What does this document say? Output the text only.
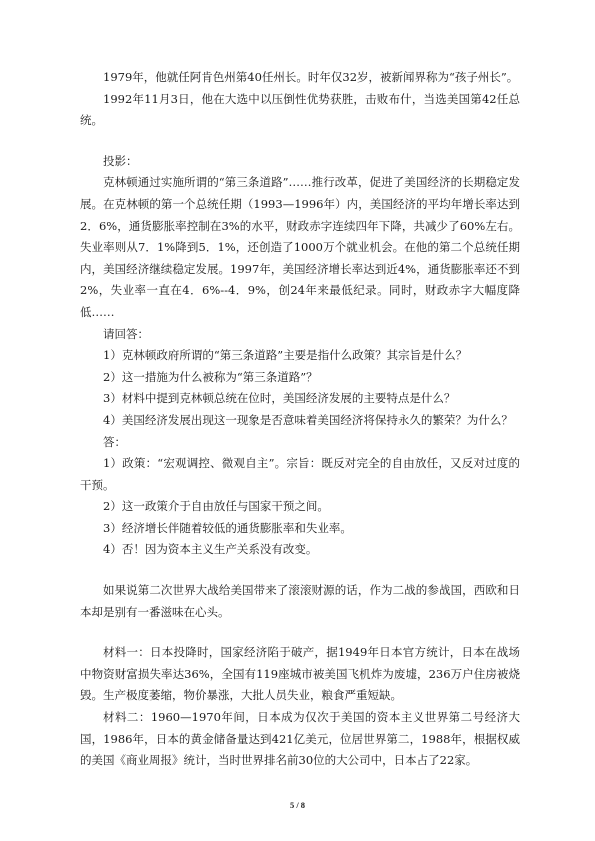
1979年，他就任阿肯色州第40任州长。时年仅32岁，被新闻界称为“孩子州长”。

1992年11月3日，他在大选中以压倒性优势获胜，击败布什，当选美国第42任总统。

投影：

克林顿通过实施所谓的“第三条道路”……推行改革，促进了美国经济的长期稳定发展。在克林顿的第一个总统任期（1993—1996年）内，美国经济的平均年增长率达到2．6%，通货膨胀率控制在3%的水平，财政赤字连续四年下降，共减少了60%左右。失业率则从7．1%降到5．1%，还创造了1000万个就业机会。在他的第二个总统任期内，美国经济继续稳定发展。1997年，美国经济增长率达到近4%，通货膨胀率还不到2%，失业率一直在4．6%--4．9%，创24年来最低纪录。同时，财政赤字大幅度降低……

请回答：

1）克林顿政府所谓的“第三条道路”主要是指什么政策？其宗旨是什么？

2）这一措施为什么被称为“第三条道路”？

3）材料中提到克林顿总统在位时，美国经济发展的主要特点是什么？

4）美国经济发展出现这一现象是否意味着美国经济将保持永久的繁荣？为什么？

答：

1）政策：“宏观调控、微观自主”。宗旨：既反对完全的自由放任，又反对过度的干预。

2）这一政策介于自由放任与国家干预之间。

3）经济增长伴随着较低的通货膨胀率和失业率。

4）否！因为资本主义生产关系没有改变。

如果说第二次世界大战给美国带来了滚滚财源的话，作为二战的参战国，西欧和日本却是别有一番滋味在心头。

材料一：日本投降时，国家经济陷于破产，据1949年日本官方统计，日本在战场中物资财富损失率达36%，全国有119座城市被美国飞机炸为废墟，236万户住房被烧毁。生产极度萎缩，物价暴涨，大批人员失业，粮食严重短缺。

材料二：1960—1970年间，日本成为仅次于美国的资本主义世界第二号经济大国，1986年，日本的黄金储备量达到421亿美元，位居世界第二，1988年，根据权威的美国《商业周报》统计，当时世界排名前30位的大公司中，日本占了22家。

5 / 8
